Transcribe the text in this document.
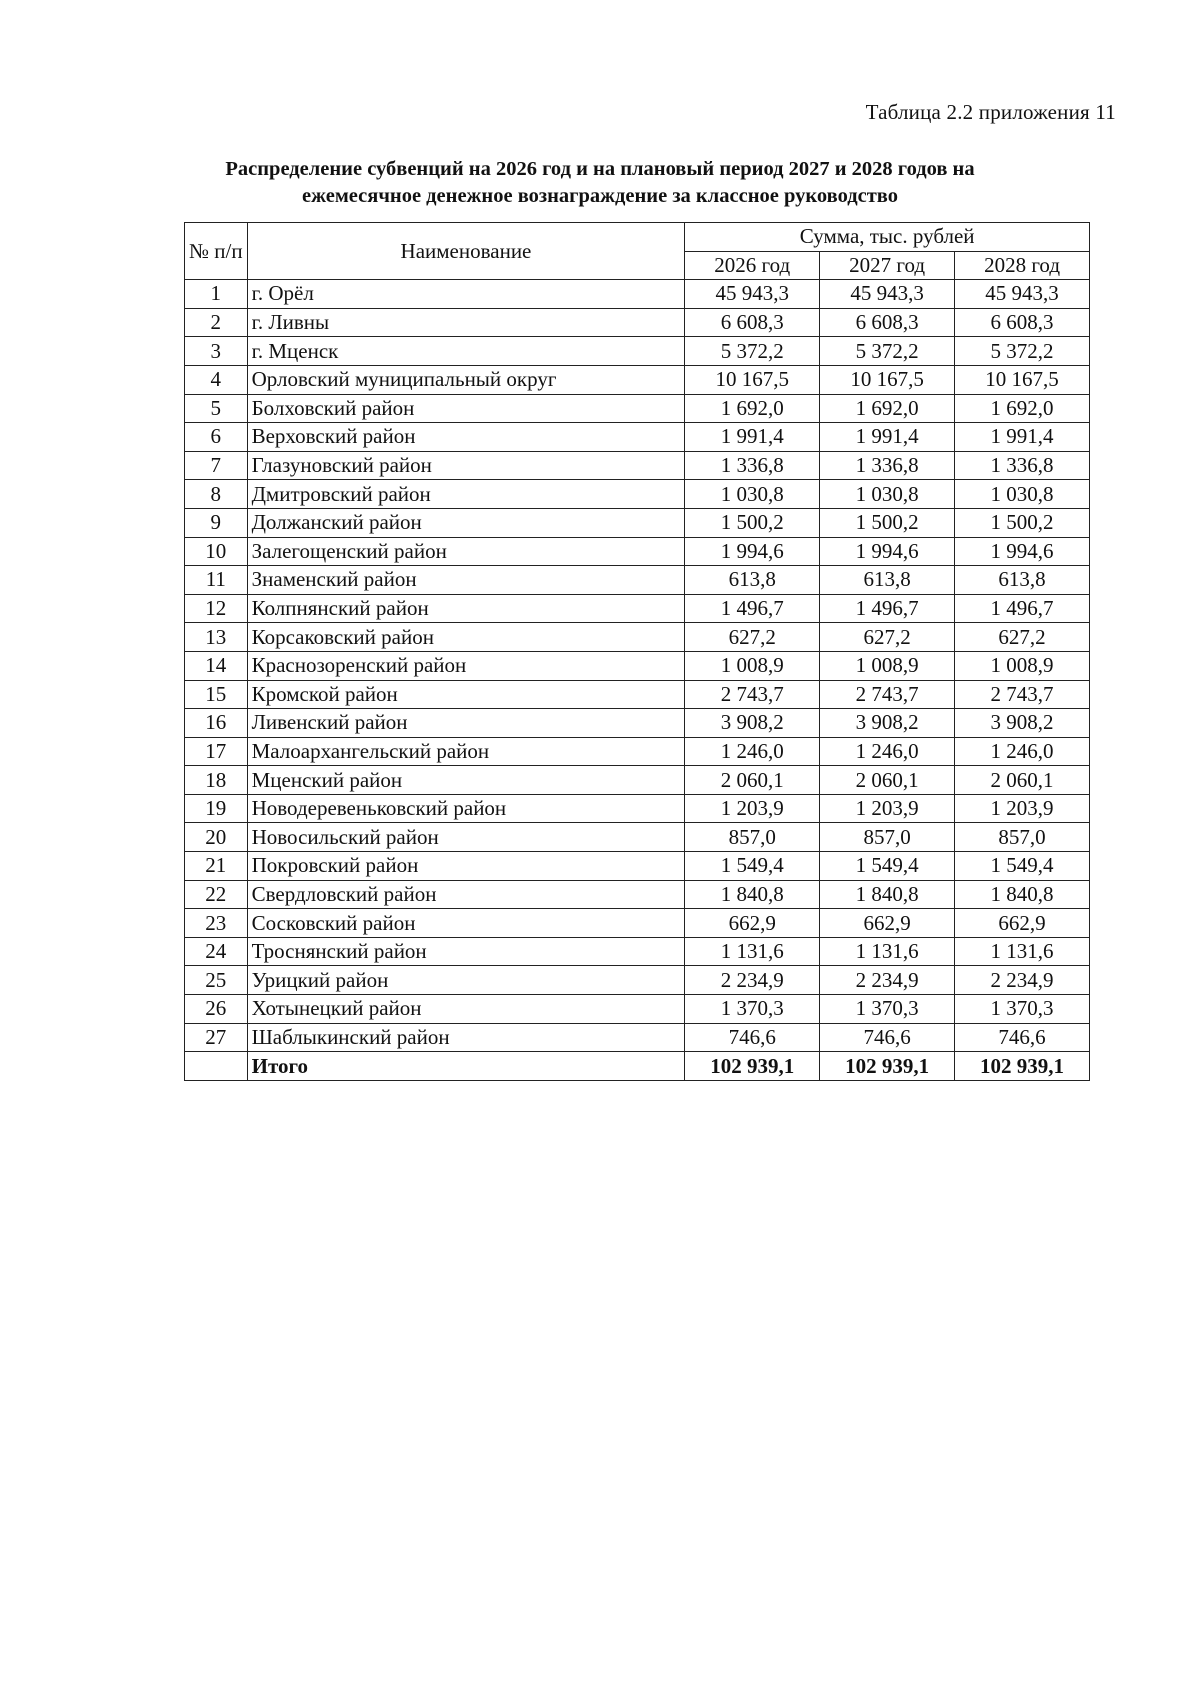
Таблица 2.2 приложения 11
Распределение субвенций на 2026 год и на плановый период 2027 и 2028 годов на
ежемесячное денежное вознаграждение за классное руководство
№ п/п	Наименование	Сумма, тыс. рублей		
		2026 год	2027 год	2028 год
1	г. Орёл	45 943,3	45 943,3	45 943,3
2	г. Ливны	6 608,3	6 608,3	6 608,3
3	г. Мценск	5 372,2	5 372,2	5 372,2
4	Орловский муниципальный округ	10 167,5	10 167,5	10 167,5
5	Болховский район	1 692,0	1 692,0	1 692,0
6	Верховский район	1 991,4	1 991,4	1 991,4
7	Глазуновский район	1 336,8	1 336,8	1 336,8
8	Дмитровский район	1 030,8	1 030,8	1 030,8
9	Должанский район	1 500,2	1 500,2	1 500,2
10	Залегощенский район	1 994,6	1 994,6	1 994,6
11	Знаменский район	613,8	613,8	613,8
12	Колпнянский район	1 496,7	1 496,7	1 496,7
13	Корсаковский район	627,2	627,2	627,2
14	Краснозоренский район	1 008,9	1 008,9	1 008,9
15	Кромской район	2 743,7	2 743,7	2 743,7
16	Ливенский район	3 908,2	3 908,2	3 908,2
17	Малоархангельский район	1 246,0	1 246,0	1 246,0
18	Мценский район	2 060,1	2 060,1	2 060,1
19	Новодеревеньковский район	1 203,9	1 203,9	1 203,9
20	Новосильский район	857,0	857,0	857,0
21	Покровский район	1 549,4	1 549,4	1 549,4
22	Свердловский район	1 840,8	1 840,8	1 840,8
23	Сосковский район	662,9	662,9	662,9
24	Троснянский район	1 131,6	1 131,6	1 131,6
25	Урицкий район	2 234,9	2 234,9	2 234,9
26	Хотынецкий район	1 370,3	1 370,3	1 370,3
27	Шаблыкинский район	746,6	746,6	746,6
	Итого	102 939,1	102 939,1	102 939,1
